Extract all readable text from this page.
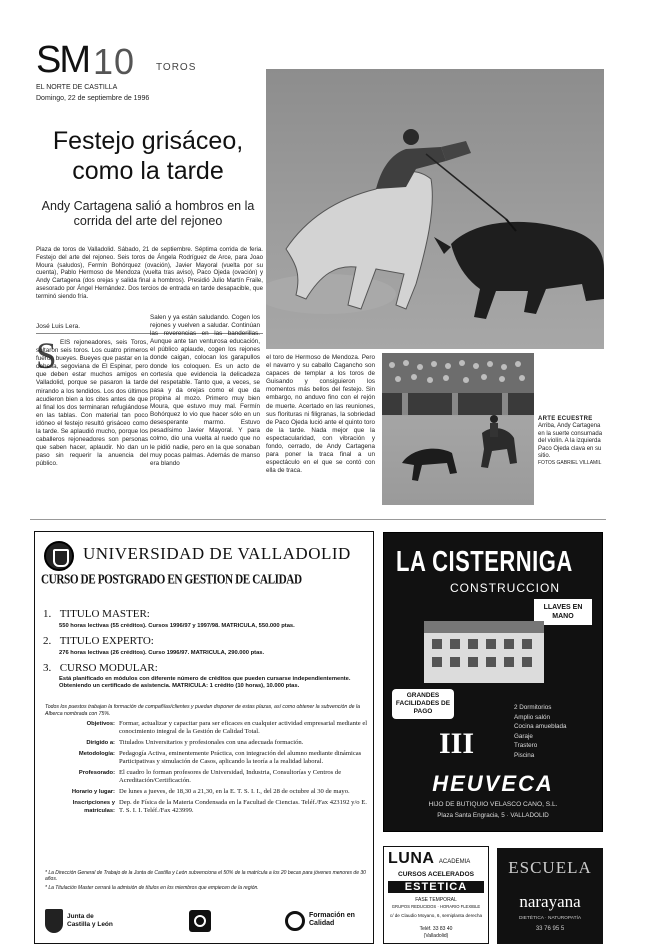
SM 10 TOROS
EL NORTE DE CASTILLA
Domingo, 22 de septiembre de 1996
Festejo grisáceo, como la tarde
Andy Cartagena salió a hombros en la corrida del arte del rejoneo

Plaza de toros de Valladolid. Sábado, 21 de septiembre. Séptima corrida de feria. Festejo del arte del rejoneo. Seis toros de Ángela Rodríguez de Arce, para Joao Moura (saludos), Fermín Bohórquez (ovación), Javier Mayoral (vuelta por su cuenta), Pablo Hermoso de Mendoza (vuelta tras aviso), Paco Ojeda (ovación) y Andy Cartagena (dos orejas y salida final a hombros). Presidió Julio Martín Fraile, asesorado por Ángel Hernández. Dos tercios de entrada en tarde desapacible, que terminó siendo fría.

José Luis Lera.
S EIS rejoneadores, seis Toros, soltaron seis toros. Los cuatro primeros fueron bueyes. Bueyes que pastar en la dehesa, segoviana de El Espinar, pero que deben estar muchos amigos en Valladolid, porque se pasaron la tarde mirando a los tendidos. Los dos últimos acudieron bien a los cites antes de que al final los dos terminaran refugiándose en las tablas. Con material tan poco idóneo el festejo resultó grisáceo como la tarde. Se aplaudió mucho, porque los caballeros rejoneadores son personas que saben hacer, aplaudir. No dan un paso sin requerir la anuencia del público.

Salen y ya están saludando. Cogen los rejones y vuelven a saludar. Continúan las reverencias en las banderillas. Aunque ante tan venturosa educación, el público aplaude, cogen los rejones donde caigan, colocan los garapullos donde los coloquen. Es un acto de cortesía que evidencia la delicadeza del respetable. Tanto que, a veces, se pasa y da orejas como el que da propina al mozo. Primero muy bien Moura, que estuvo muy mal. Fermín Bohórquez lo vio que hacer sólo en un desesperante marmo. Estuvo pesadísimo Javier Mayoral. Y para colmo, dio una vuelta al ruedo que no le pidió nadie, pero en la que sonaban muy pocas palmas. Además de manso era blando

el toro de Hermoso de Mendoza. Pero el navarro y su caballo Cagancho son capaces de templar a los toros de Guisando y consiguieron los momentos más bellos del festejo. Sin embargo, no anduvo fino con el rejón de muerte. Acertado en las reuniones, sus florituras ni filigranas, la sobriedad de Paco Ojeda lució ante el quinto toro de la tarde. Nada mejor que la espectacularidad, con vibración y fondo, cerrado, de Andy Cartagena para poner la traca final a un espectáculo en el que se contó con ella de traca.

ARTE ECUESTRE
Arriba, Andy Cartagena en la suerte consumada del violín. A la izquierda Paco Ojeda clava en su sitio.
FOTOS GABRIEL VILLAMIL
UNIVERSIDAD DE VALLADOLID
CURSO DE POSTGRADO EN GESTION DE CALIDAD
1. TITULO MASTER:
550 horas lectivas (55 créditos). Cursos 1996/97 y 1997/98. MATRICULA, 550.000 ptas.
2. TITULO EXPERTO:
276 horas lectivas (26 créditos). Curso 1996/97. MATRICULA, 290.000 ptas.
3. CURSO MODULAR:
Está planificado en módulos con diferente número de créditos que pueden cursarse independientemente. Obteniendo un certificado de asistencia. MATRICULA: 1 crédito (10 horas), 10.000 ptas.
Todos los puestos trabajan la formación de compañías/clientes y puedan disponer de estas plazas, así como obtener la subvención de la Alberca nombrada con 75%.
Objetivos: Formar, actualizar y capacitar para ser eficaces en cualquier actividad empresarial mediante el conocimiento integral de la Gestión de Calidad Total.
Dirigido a: Titulados Universitarios y profesionales con una adecuada formación.
Metodología: Pedagogía Activa, eminentemente Práctica, con integración del alumno mediante dinámicas Participativas y simulación de Casos, aplicando la teoría a la realidad laboral.
Profesorado: El cuadro lo forman profesores de Universidad, Industria, Consultorías y Centros de Acreditación/Certificación.
Horario y lugar: De lunes a jueves, de 18,30 a 21,30, en la E. T. S. I. I., del 28 de octubre al 30 de mayo.
Inscripciones y matrículas:
Dep. de Física de la Materia Condensada en la Facultad de Ciencias. Teléf./Fax 423192 y/o E. T. S. I. I. Teléf./Fax 423999.
* La Dirección General de Trabajo de la Junta de Castilla y León subvenciona el 50% de la matrícula a los 20 becas para jóvenes menores de 30 años.
* La Titulación Master cerrará la admisión de títulos en los miembros que empiecen de la región.
Junta de Castilla y León
Formación en Calidad
LA CISTERNIGA
CONSTRUCCION
LLAVES EN MANO
GRANDES FACILIDADES DE PAGO
III
2 Dormitorios
Amplio salón
Cocina amueblada
Garaje
Trastero
Piscina
HEUVECA
HIJO DE BUTIQUIO VELASCO CANO, S.L.
Plaza Santa Engracia, 5 · VALLADOLID
LUNA ACADEMIA
CURSOS ACELERADOS
ESTETICA
FASE TEMPORAL
GRUPOS REDUCIDOS · HORARIO FLEXIBLE
c/ de Claudio Moyano, 6, semiplanta derecha
Teléf. 33 83 40
(Valladolid)
ESCUELA
narayana
DIETÉTICA · NATUROPATÍA
33 76 95 5
